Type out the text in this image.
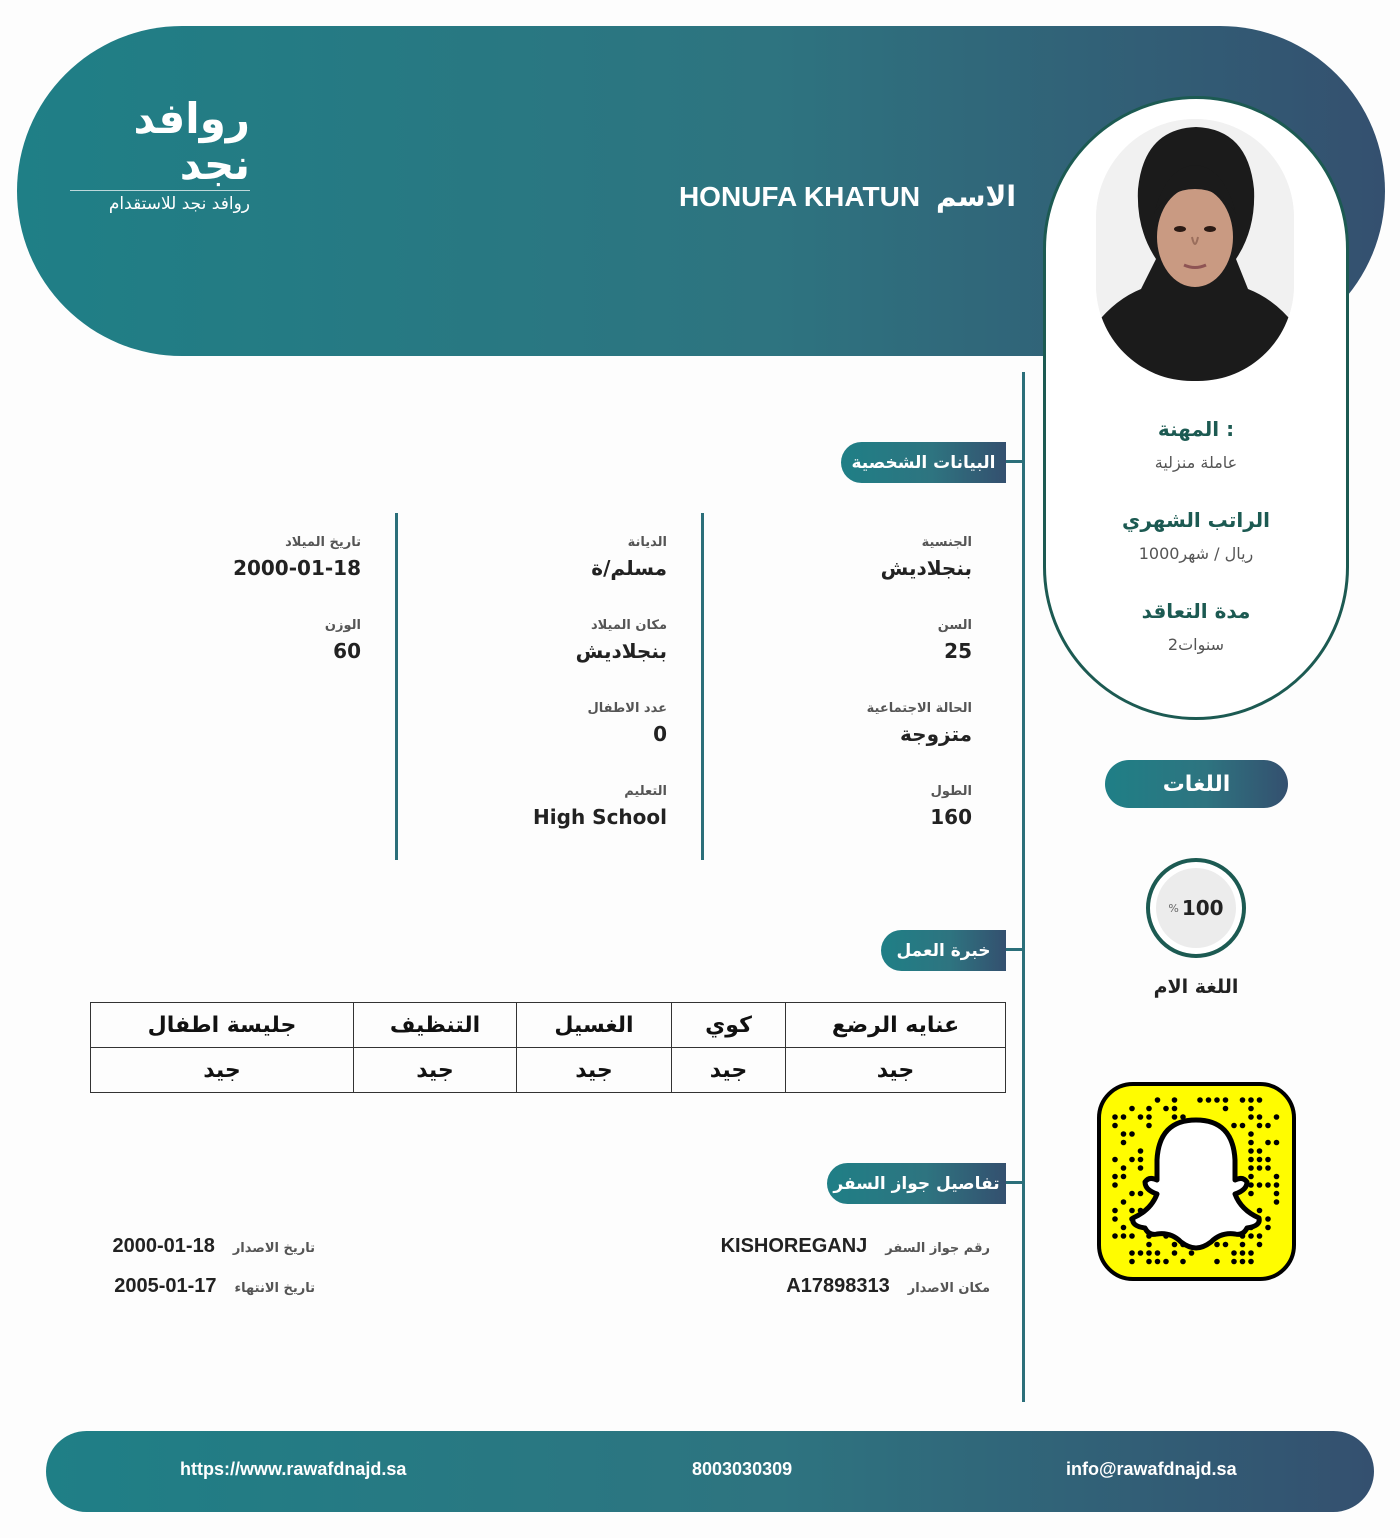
روافد نجد
روافد نجد للاستقدام	الاسم
HONUFA KHATUN
المهنة :
عاملة منزلية
الراتب الشهري
1000ريال / شهر
مدة التعاقد
2سنوات
البيانات الشخصية
الجنسية
بنجلاديش
السن
25
الحالة الاجتماعية
متزوجة
الطول
160
الديانة
مسلم/ة
مكان الميلاد
بنجلاديش
عدد الاطفال
0
التعليم
High School
تاريخ الميلاد
2000-01-18
الوزن
60
خبرة العمل
عنايه الرضع	كوي	الغسيل	التنظيف	جليسة اطفال
جيد	جيد	جيد	جيد	جيد
تفاصيل جواز السفر
رقم جواز السفر
KISHOREGANJ
مكان الاصدار
A17898313
تاريخ الاصدار
2000-01-18
تاريخ الانتهاء
2005-01-17
اللغات
% 100
اللغة الام
info@rawafdnajd.sa
8003030309
https://www.rawafdnajd.sa
